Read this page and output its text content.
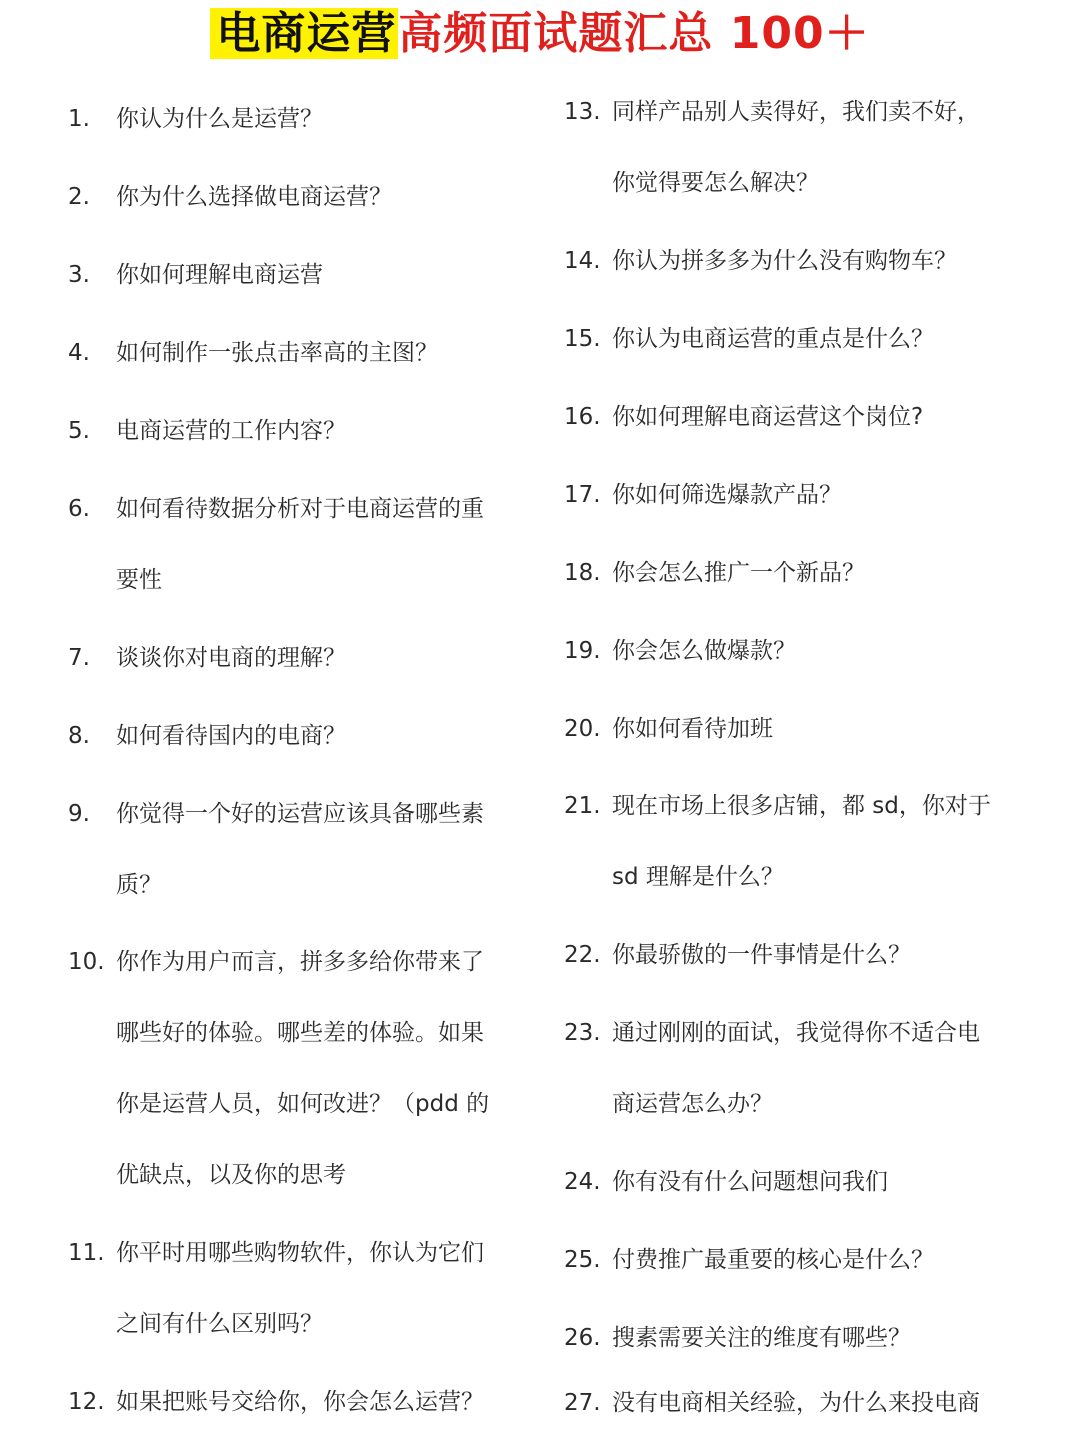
电商运营高频面试题汇总 100＋
1.	你认为什么是运营？
2.	你为什么选择做电商运营？
3.	你如何理解电商运营
4.	如何制作一张点击率高的主图？
5.	电商运营的工作内容？
6.	如何看待数据分析对于电商运营的重
要性
7.	谈谈你对电商的理解？
8.	如何看待国内的电商？
9.	你觉得一个好的运营应该具备哪些素
质？
10. 你作为用户而言，拼多多给你带来了
哪些好的体验。哪些差的体验。如果
你是运营人员，如何改进？（pdd 的
优缺点，以及你的思考
11. 你平时用哪些购物软件，你认为它们
之间有什么区别吗？
12. 如果把账号交给你，你会怎么运营？
13. 同样产品别人卖得好，我们卖不好，
你觉得要怎么解决？
14. 你认为拼多多为什么没有购物车？
15. 你认为电商运营的重点是什么？
16. 你如何理解电商运营这个岗位?
17. 你如何筛选爆款产品？
18. 你会怎么推广一个新品？
19. 你会怎么做爆款？
20. 你如何看待加班
21. 现在市场上很多店铺，都 sd，你对于
sd 理解是什么？
22. 你最骄傲的一件事情是什么？
23. 通过刚刚的面试，我觉得你不适合电
商运营怎么办？
24. 你有没有什么问题想问我们
25. 付费推广最重要的核心是什么？
26. 搜素需要关注的维度有哪些？
27. 没有电商相关经验，为什么来投电商
